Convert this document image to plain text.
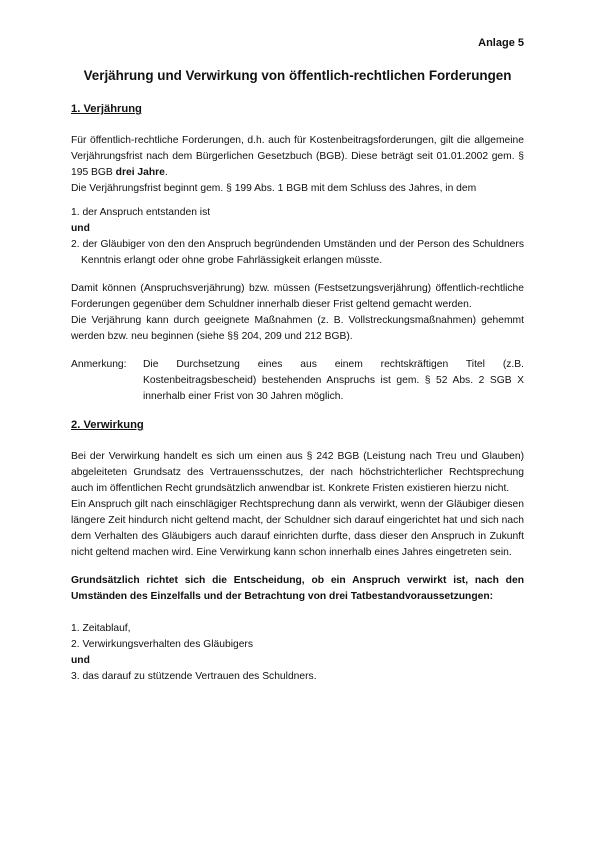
Anlage 5
Verjährung und Verwirkung von öffentlich-rechtlichen Forderungen
1. Verjährung

Für öffentlich-rechtliche Forderungen, d.h. auch für Kostenbeitragsforderungen, gilt die allgemeine Verjährungsfrist nach dem Bürgerlichen Gesetzbuch (BGB). Diese beträgt seit 01.01.2002 gem. § 195 BGB drei Jahre.

Die Verjährungsfrist beginnt gem. § 199 Abs. 1 BGB mit dem Schluss des Jahres, in dem

1. der Anspruch entstanden ist
und

2. der Gläubiger von den den Anspruch begründenden Umständen und der Person des Schuldners Kenntnis erlangt oder ohne grobe Fahrlässigkeit erlangen müsste.

Damit können (Anspruchsverjährung) bzw. müssen (Festsetzungsverjährung) öffentlich-rechtliche Forderungen gegenüber dem Schuldner innerhalb dieser Frist geltend gemacht werden.

Die Verjährung kann durch geeignete Maßnahmen (z. B. Vollstreckungsmaßnahmen) gehemmt werden bzw. neu beginnen (siehe §§ 204, 209 und 212 BGB).

Anmerkung:	Die Durchsetzung eines aus einem rechtskräftigen Titel (z.B. Kostenbeitragsbescheid) bestehenden Anspruchs ist gem. § 52 Abs. 2 SGB X innerhalb einer Frist von 30 Jahren möglich.

2. Verwirkung

Bei der Verwirkung handelt es sich um einen aus § 242 BGB (Leistung nach Treu und Glauben) abgeleiteten Grundsatz des Vertrauensschutzes, der nach höchstrichterlicher Rechtsprechung auch im öffentlichen Recht grundsätzlich anwendbar ist. Konkrete Fristen existieren hierzu nicht.

Ein Anspruch gilt nach einschlägiger Rechtsprechung dann als verwirkt, wenn der Gläubiger diesen längere Zeit hindurch nicht geltend macht, der Schuldner sich darauf eingerichtet hat und sich nach dem Verhalten des Gläubigers auch darauf einrichten durfte, dass dieser den Anspruch in Zukunft nicht geltend machen wird. Eine Verwirkung kann schon innerhalb eines Jahres eingetreten sein.

Grundsätzlich richtet sich die Entscheidung, ob ein Anspruch verwirkt ist, nach den Umständen des Einzelfalls und der Betrachtung von drei Tatbestandvoraussetzungen:

1. Zeitablauf,
2. Verwirkungsverhalten des Gläubigers
und
3. das darauf zu stützende Vertrauen des Schuldners.
